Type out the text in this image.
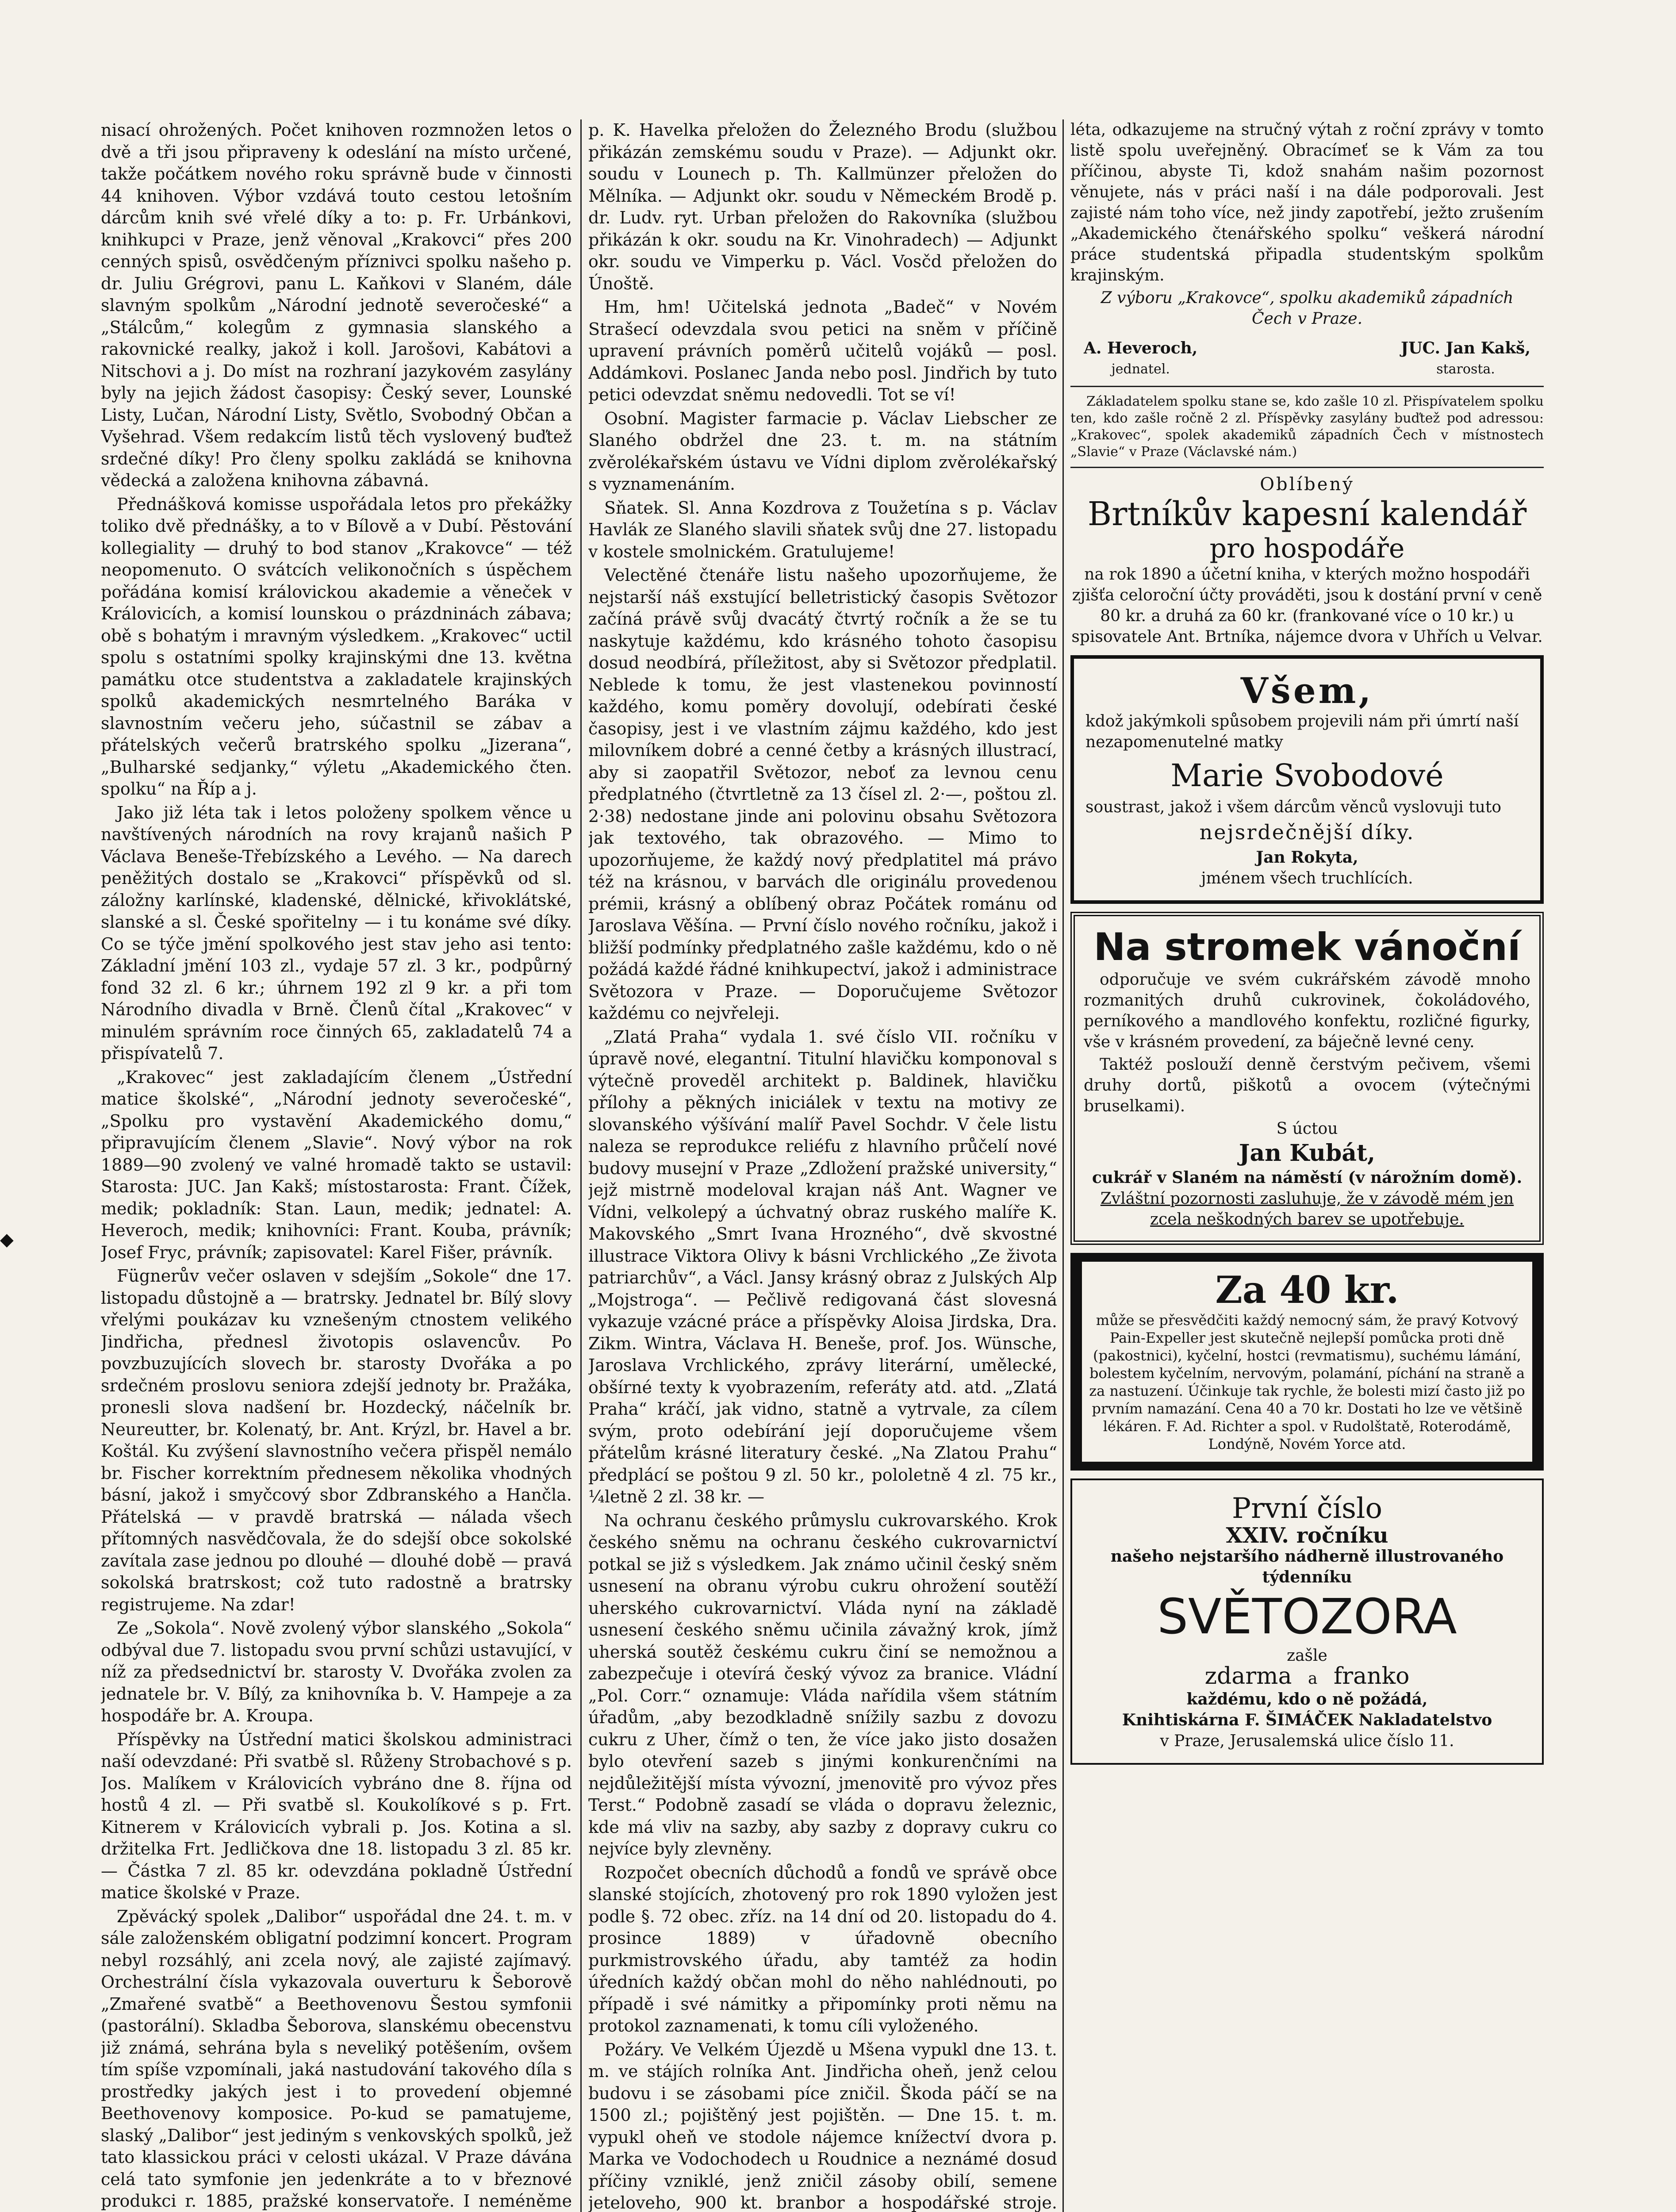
nisací ohrožených. Počet knihoven rozmnožen letos o dvě a tři jsou připraveny k odeslání na místo určené, takže počátkem nového roku správně bude v činnosti 44 knihoven. Výbor vzdává touto cestou letošním dárcům knih své vřelé díky a to: p. Fr. Urbánkovi, knihkupci v Praze, jenž věnoval „Krakovci“ přes 200 cenných spisů, osvědčeným příznivci spolku našeho p. dr. Juliu Grégrovi, panu L. Kaňkovi v Slaném, dále slavným spolkům „Národní jednotě severočeské“ a „Stálcům,“ kolegům z gymnasia slanského a rakovnické realky, jakož i koll. Jarošovi, Kabátovi a Nitschovi a j. Do míst na rozhraní jazykovém zasylány byly na jejich žádost časopisy: Český sever, Lounské Listy, Lučan, Národní Listy, Světlo, Svobodný Občan a Vyšehrad. Všem redakcím listů těch vyslovený buďtež srdečné díky! Pro členy spolku zakládá se knihovna vědecká a založena knihovna zábavná.

Přednášková komisse uspořádala letos pro překážky toliko dvě přednášky, a to v Bílově a v Dubí. Pěstování kollegiality — druhý to bod stanov „Krakovce“ — též neopomenuto. O svátcích velikonočních s úspěchem pořádána komisí královickou akademie a věneček v Královicích, a komisí lounskou o prázdninách zábava; obě s bohatým i mravným výsledkem. „Krakovec“ uctil spolu s ostatními spolky krajinskými dne 13. května památku otce studentstva a zakladatele krajinských spolků akademických nesmrtelného Baráka v slavnostním večeru jeho, súčastnil se zábav a přátelských večerů bratrského spolku „Jizerana“, „Bulharské sedjanky,“ výletu „Akademického čten. spolku“ na Říp a j.

Jako již léta tak i letos položeny spolkem věnce u navštívených národních na rovy krajanů našich P Václava Beneše-Třebízského a Levého. — Na darech peněžitých dostalo se „Krakovci“ příspěvků od sl. záložny karlínské, kladenské, dělnické, křivoklátské, slanské a sl. České spořitelny — i tu konáme své díky. Co se týče jmění spolkového jest stav jeho asi tento: Základní jmění 103 zl., vydaje 57 zl. 3 kr., podpůrný fond 32 zl. 6 kr.; úhrnem 192 zl 9 kr. a při tom Národního divadla v Brně. Členů čítal „Krakovec“ v minulém správním roce činných 65, zakladatelů 74 a přispívatelů 7.

„Krakovec“ jest zakladajícím členem „Ústřední matice školské“, „Národní jednoty severočeské“, „Spolku pro vystavění Akademického domu,“ připravujícím členem „Slavie“. Nový výbor na rok 1889—90 zvolený ve valné hromadě takto se ustavil: Starosta: JUC. Jan Kakš; místostarosta: Frant. Čížek, medik; pokladník: Stan. Laun, medik; jednatel: A. Heveroch, medik; knihovníci: Frant. Kouba, právník; Josef Fryc, právník; zapisovatel: Karel Fišer, právník.

Fügnerův večer oslaven v sdejším „Sokole“ dne 17. listopadu důstojně a — bratrsky. Jednatel br. Bílý slovy vřelými poukázav ku vznešeným ctnostem velikého Jindřicha, přednesl životopis oslavencův. Po povzbuzujících slovech br. starosty Dvořáka a po srdečném proslovu seniora zdejší jednoty br. Pražáka, pronesli slova nadšení br. Hozdecký, náčelník br. Neureutter, br. Kolenatý, br. Ant. Krýzl, br. Havel a br. Koštál. Ku zvýšení slavnostního večera přispěl nemálo br. Fischer korrektním přednesem několika vhodných básní, jakož i smyčcový sbor Zdbranského a Hančla. Přátelská — v pravdě bratrská — nálada všech přítomných nasvědčovala, že do sdejší obce sokolské zavítala zase jednou po dlouhé — dlouhé době — pravá sokolská bratrskost; což tuto radostně a bratrsky registrujeme. Na zdar!

Ze „Sokola“. Nově zvolený výbor slanského „Sokola“ odbýval due 7. listopadu svou první schůzi ustavující, v níž za předsednictví br. starosty V. Dvořáka zvolen za jednatele br. V. Bílý, za knihovníka b. V. Hampeje a za hospodáře br. A. Kroupa.

Příspěvky na Ústřední matici školskou administraci naší odevzdané: Při svatbě sl. Růženy Strobachové s p. Jos. Malíkem v Královicích vybráno dne 8. října od hostů 4 zl. — Při svatbě sl. Koukolíkové s p. Frt. Kitnerem v Královicích vybrali p. Jos. Kotina a sl. držitelka Frt. Jedličkova dne 18. listopadu 3 zl. 85 kr. — Částka 7 zl. 85 kr. odevzdána pokladně Ústřední matice školské v Praze.

Zpěvácký spolek „Dalibor“ uspořádal dne 24. t. m. v sále založenském obligatní podzimní koncert. Program nebyl rozsáhlý, ani zcela nový, ale zajisté zajímavý. Orchestrální čísla vykazovala ouverturu k Šeborově „Zmařené svatbě“ a Beethovenovu Šestou symfonii (pastorální). Skladba Šeborova, slanskému obecenstvu již známá, sehrána byla s neveliký potěšením, ovšem tím spíše vzpomínali, jaká nastudování takového díla s prostředky jakých jest i to provedení objemné Beethovenovy komposice. Po-kud se pamatujeme, slaský „Dalibor“ jest jediným s venkovských spolků, jež tato klassickou práci v celosti ukázal. V Praze dávána celá tato symfonie jen jedenkráte a to v březnové produkci r. 1885, pražské konservatoře. I neméněme

p. K. Havelka přeložen do Železného Brodu (službou přikázán zemskému soudu v Praze). — Adjunkt okr. soudu v Lounech p. Th. Kallmünzer přeložen do Mělníka. — Adjunkt okr. soudu v Německém Brodě p. dr. Ludv. ryt. Urban přeložen do Rakovníka (službou přikázán k okr. soudu na Kr. Vinohradech) — Adjunkt okr. soudu ve Vimperku p. Václ. Vosčd přeložen do Únoště.

Hm, hm! Učitelská jednota „Badeč“ v Novém Strašecí odevzdala svou petici na sněm v příčině upravení právních poměrů učitelů vojáků — posl. Addámkovi. Poslanec Janda nebo posl. Jindřich by tuto petici odevzdat sněmu nedovedli. Tot se ví!

Osobní. Magister farmacie p. Václav Liebscher ze Slaného obdržel dne 23. t. m. na státním zvěrolékařském ústavu ve Vídni diplom zvěrolékařský s vyznamenáním.

Sňatek. Sl. Anna Kozdrova z Toužetína s p. Václav Havlák ze Slaného slavili sňatek svůj dne 27. listopadu v kostele smolnickém. Gratulujeme!

Velectěné čtenáře listu našeho upozorňujeme, že nejstarší náš exstující belletristický časopis Světozor začíná právě svůj dvacátý čtvrtý ročník a že se tu naskytuje každému, kdo krásného tohoto časopisu dosud neodbírá, příležitost, aby si Světozor předplatil. Neblede k tomu, že jest vlastenekou povinností každého, komu poměry dovolují, odebírati české časopisy, jest i ve vlastním zájmu každého, kdo jest milovníkem dobré a cenné četby a krásných illustrací, aby si zaopatřil Světozor, neboť za levnou cenu předplatného (čtvrtletně za 13 čísel zl. 2·—, poštou zl. 2·38) nedostane jinde ani polovinu obsahu Světozora jak textového, tak obrazového. — Mimo to upozorňujeme, že každý nový předplatitel má právo též na krásnou, v barvách dle originálu provedenou prémii, krásný a oblíbený obraz Počátek románu od Jaroslava Věšína. — První číslo nového ročníku, jakož i bližší podmínky předplatného zašle každému, kdo o ně požádá každé řádné knihkupectví, jakož i administrace Světozora v Praze. — Doporučujeme Světozor každému co nejvřeleji.

„Zlatá Praha“ vydala 1. své číslo VII. ročníku v úpravě nové, elegantní. Titulní hlavičku komponoval s výtečně proveděl architekt p. Baldinek, hlavičku přílohy a pěkných iniciálek v textu na motivy ze slovanského výšívání malíř Pavel Sochdr. V čele listu naleza se reprodukce reliéfu z hlavního průčelí nové budovy musejní v Praze „Zdložení pražské university,“ jejž mistrně modeloval krajan náš Ant. Wagner ve Vídni, velkolepý a úchvatný obraz ruského malíře K. Makovského „Smrt Ivana Hrozného“, dvě skvostné illustrace Viktora Olivy k básni Vrchlického „Ze života patriarchův“, a Václ. Jansy krásný obraz z Julských Alp „Mojstroga“. — Pečlivě redigovaná část slovesná vykazuje vzácné práce a příspěvky Aloisa Jirdska, Dra. Zikm. Wintra, Václava H. Beneše, prof. Jos. Wünsche, Jaroslava Vrchlického, zprávy literární, umělecké, obšírné texty k vyobrazením, referáty atd. atd. „Zlatá Praha“ kráčí, jak vidno, statně a vytrvale, za cílem svým, proto odebírání její doporučujeme všem přátelům krásné literatury české. „Na Zlatou Prahu“ předplácí se poštou 9 zl. 50 kr., pololetně 4 zl. 75 kr., ¼letně 2 zl. 38 kr. —

Na ochranu českého průmyslu cukrovarského. Krok českého sněmu na ochranu českého cukrovarnictví potkal se již s výsledkem. Jak známo učinil český sněm usnesení na obranu výrobu cukru ohrožení soutěží uherského cukrovarnictví. Vláda nyní na základě usnesení českého sněmu učinila závažný krok, jímž uherská soutěž českému cukru činí se nemožnou a zabezpečuje i otevírá český vývoz za branice. Vládní „Pol. Corr.“ oznamuje: Vláda nařídila všem státním úřadům, „aby bezodkladně snížily sazbu z dovozu cukru z Uher, čímž o ten, že více jako jisto dosažen bylo otevření sazeb s jinými konkurenčními na nejdůležitější místa vývozní, jmenovitě pro vývoz přes Terst.“ Podobně zasadí se vláda o dopravu železnic, kde má vliv na sazby, aby sazby z dopravy cukru co nejvíce byly zlevněny.

Rozpočet obecních důchodů a fondů ve správě obce slanské stojících, zhotovený pro rok 1890 vyložen jest podle §. 72 obec. zříz. na 14 dní od 20. listopadu do 4. prosince 1889) v úřadovně obecního purkmistrovského úřadu, aby tamtéž za hodin úředních každý občan mohl do něho nahlédnouti, po případě i své námitky a připomínky proti němu na protokol zaznamenati, k tomu cíli vyloženého.

Požáry. Ve Velkém Újezdě u Mšena vypukl dne 13. t. m. ve stájích rolníka Ant. Jindřicha oheň, jenž celou budovu i se zásobami píce zničil. Škoda páčí se na 1500 zl.; pojištěný jest pojištěn. — Dne 15. t. m. vypukl oheň ve stodole nájemce knížectví dvora p. Marka ve Vodochodech u Roudnice a neznámé dosud příčiny vzniklé, jenž zničil zásoby obilí, semene jeteloveho, 900 kt. branbor a hospodářské stroje.

léta, odkazujeme na stručný výtah z roční zprávy v tomto listě spolu uveřejněný. Obracímeť se k Vám za tou příčinou, abyste Ti, kdož snahám našim pozornost věnujete, nás v práci naší i na dále podporovali. Jest zajisté nám toho více, než jindy zapotřebí, ježto zrušením „Akademického čtenářského spolku“ veškerá národní práce studentská připadla studentským spolkům krajinským.

Z výboru „Krakovce“, spolku akademiků západních Čech v Praze.
A. Heveroch,
jednatel.
JUC. Jan Kakš,
starosta.

Základatelem spolku stane se, kdo zašle 10 zl. Přispívatelem spolku ten, kdo zašle ročně 2 zl. Příspěvky zasylány buďtež pod adressou: „Krakovec“, spolek akademiků západních Čech v místnostech „Slavie“ v Praze (Václavské nám.)

Oblíbený
Brtníkův kapesní kalendář
pro hospodáře

na rok 1890 a účetní kniha, v kterých možno hospodáři zjišťa celoroční účty prováděti, jsou k dostání první v ceně 80 kr. a druhá za 60 kr. (frankované více o 10 kr.) u spisovatele Ant. Brtníka, nájemce dvora v Uhřích u Velvar.

Všem,

kdož jakýmkoli spůsobem projevili nám při úmrtí naší nezapomenutelné matky

Marie Svobodové

soustrast, jakož i všem dárcům věnců vyslovuji tuto

nejsrdečnější díky.
Jan Rokyta,
jménem všech truchlících.
Na stromek vánoční

odporučuje ve svém cukrářském závodě mnoho rozmanitých druhů cukrovinek, čokoládového, perníkového a mandlového konfektu, rozličné figurky, vše v krásném provedení, za báječně levné ceny.

Taktéž poslouží denně čerstvým pečivem, všemi druhy dortů, piškotů a ovocem (výtečnými bruselkami).

S úctou
Jan Kubát,
cukrář v Slaném na náměstí (v nárožním domě).

Zvláštní pozornosti zasluhuje, že v závodě mém jen zcela neškodných barev se upotřebuje.

Za 40 kr.

může se přesvědčiti každý nemocný sám, že pravý Kotvový Pain-Expeller jest skutečně nejlepší pomůcka proti dně (pakostnici), kyčelní, hostci (revmatismu), suchému lámání, bolestem kyčelním, nervovým, polamání, píchání na straně a za nastuzení. Účinkuje tak rychle, že bolesti mizí často již po prvním namazání. Cena 40 a 70 kr. Dostati ho lze ve většině lékáren. F. Ad. Richter a spol. v Rudolštatě, Roterodámě, Londýně, Novém Yorce atd.

První číslo
XXIV. ročníku
našeho nejstaršího nádherně illustrovaného týdenníku
SVĚTOZORA
zašle
zdarma a franko
každému, kdo o ně požádá,
Knihtiskárna F. ŠIMÁČEK Nakladatelstvo
v Praze, Jerusalemská ulice číslo 11.
◆
